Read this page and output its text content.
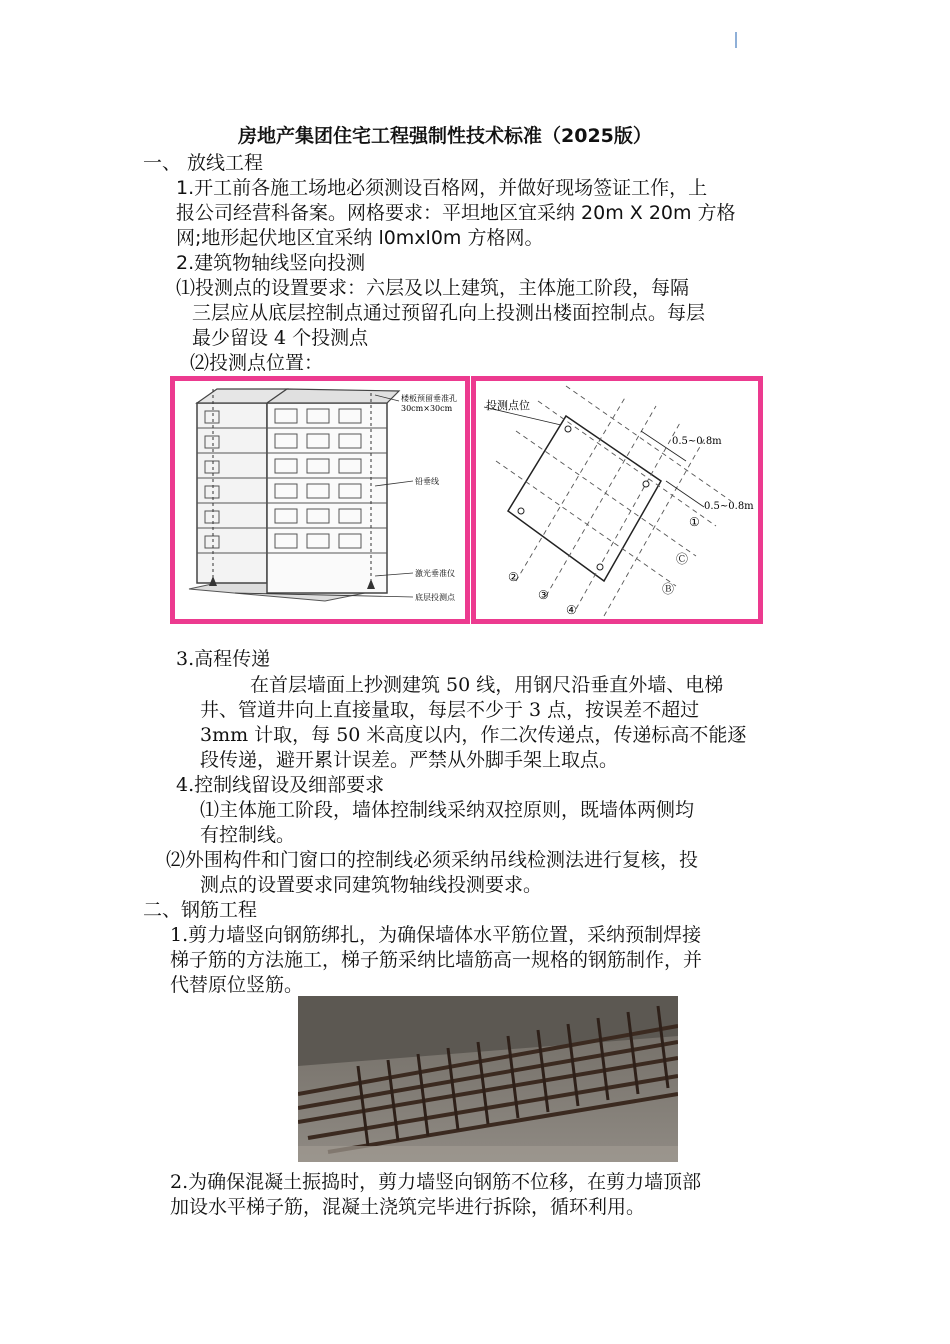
房地产集团住宅工程强制性技术标准（2025版）
一、 放线工程
1.开工前各施工场地必须测设百格网，并做好现场签证工作，上
报公司经营科备案。网格要求：平坦地区宜采纳 20m X 20m 方格
网;地形起伏地区宜采纳 l0mxl0m 方格网。
2.建筑物轴线竖向投测
⑴投测点的设置要求：六层及以上建筑，主体施工阶段，每隔
三层应从底层控制点通过预留孔向上投测出楼面控制点。每层
最少留设 4 个投测点
⑵投测点位置：
楼板预留垂准孔
30cm×30cm
铅垂线
激光垂准仪
底层投测点
投测点位
0.5~0.8m
0.5~0.8m
①
②
③
④
Ⓒ
Ⓑ
3.高程传递
在首层墙面上抄测建筑 50 线，用钢尺沿垂直外墙、电梯
井、管道井向上直接量取，每层不少于 3 点，按误差不超过
3mm 计取，每 50 米高度以内，作二次传递点，传递标高不能逐
段传递，避开累计误差。严禁从外脚手架上取点。
4.控制线留设及细部要求
⑴主体施工阶段，墙体控制线采纳双控原则，既墙体两侧均
有控制线。
⑵外围构件和门窗口的控制线必须采纳吊线检测法进行复核，投
测点的设置要求同建筑物轴线投测要求。
二、钢筋工程
1.剪力墙竖向钢筋绑扎，为确保墙体水平筋位置，采纳预制焊接
梯子筋的方法施工，梯子筋采纳比墙筋高一规格的钢筋制作，并
代替原位竖筋。
2.为确保混凝土振捣时，剪力墙竖向钢筋不位移，在剪力墙顶部
加设水平梯子筋，混凝土浇筑完毕进行拆除，循环利用。
